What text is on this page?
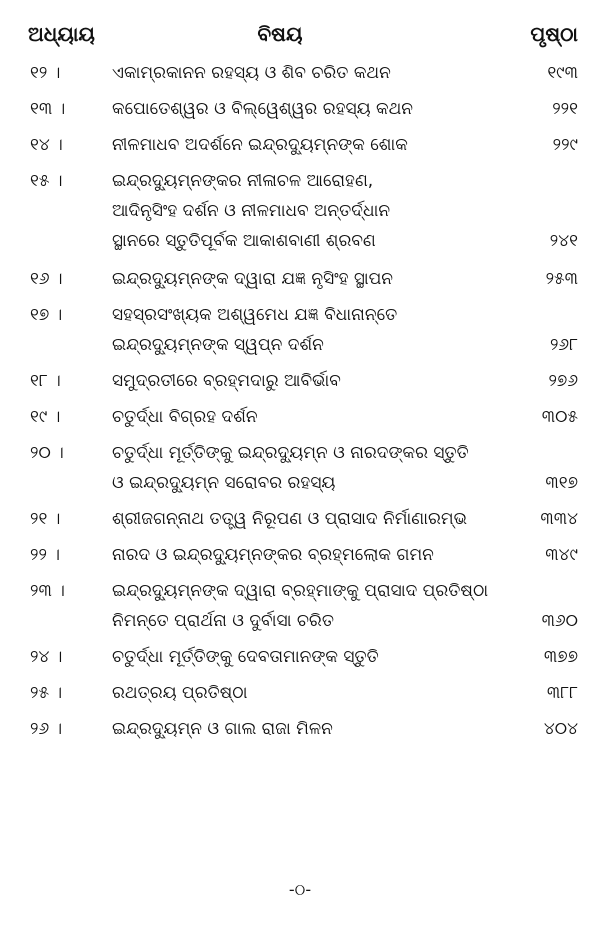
ଅଧ୍ୟାୟ	ବିଷୟ	ପୃଷ୍ଠା
୧୨ ।	ଏକାମ୍ରକାନନ ରହସ୍ୟ ଓ ଶିବ ଚରିତ କଥନ	୧୯୩
୧୩ ।	କପୋତେଶ୍ୱର ଓ ବିଲ୍ୱେଶ୍ୱର ରହସ୍ୟ କଥନ	୨୨୧
୧୪ ।	ନୀଳମାଧବ ଅଦର୍ଶନେ ଇନ୍ଦ୍ରଦ୍ୟୁମ୍ନଙ୍କ ଶୋକ	୨୨୯
୧୫ ।	ଇନ୍ଦ୍ରଦ୍ୟୁମ୍ନଙ୍କର ନୀଳାଚଳ ଆରୋହଣ,
ଆଦିନୃସିଂହ ଦର୍ଶନ ଓ ନୀଳମାଧବ ଅନ୍ତର୍ଦ୍ଧାନ
ସ୍ଥାନରେ ସ୍ତୁତିପୂର୍ବକ ଆକାଶବାଣୀ ଶ୍ରବଣ	୨୪୧
୧୬ ।	ଇନ୍ଦ୍ରଦ୍ୟୁମ୍ନଙ୍କ ଦ୍ୱାରା ଯଜ୍ଞ ନୃସିଂହ ସ୍ଥାପନ	୨୫୩
୧୭ ।	ସହସ୍ରସଂଖ୍ୟକ ଅଶ୍ୱମେଧ ଯଜ୍ଞ ବିଧାନାନ୍ତେ
ଇନ୍ଦ୍ରଦ୍ୟୁମ୍ନଙ୍କ ସ୍ୱପ୍ନ ଦର୍ଶନ	୨୬୮
୧୮ ।	ସମୁଦ୍ରତୀରେ ବ୍ରହ୍ମଦାରୁ ଆବିର୍ଭାବ	୨୭୬
୧୯ ।	ଚତୁର୍ଦ୍ଧା ବିଗ୍ରହ ଦର୍ଶନ	୩୦୫
୨୦ ।	ଚତୁର୍ଦ୍ଧା ମୂର୍ତ୍ତିଙ୍କୁ ଇନ୍ଦ୍ରଦ୍ୟୁମ୍ନ ଓ ନାରଦଙ୍କର ସ୍ତୁତି
ଓ ଇନ୍ଦ୍ରଦ୍ୟୁମ୍ନ ସରୋବର ରହସ୍ୟ	୩୧୭
୨୧ ।	ଶ୍ରୀଜଗନ୍ନାଥ ତତ୍ତ୍ୱ ନିରୂପଣ ଓ ପ୍ରାସାଦ ନିର୍ମାଣାରମ୍ଭ	୩୩୪
୨୨ ।	ନାରଦ ଓ ଇନ୍ଦ୍ରଦ୍ୟୁମ୍ନଙ୍କର ବ୍ରହ୍ମଲୋକ ଗମନ	୩୪୯
୨୩ ।	ଇନ୍ଦ୍ରଦ୍ୟୁମ୍ନଙ୍କ ଦ୍ୱାରା ବ୍ରହ୍ମାଙ୍କୁ ପ୍ରାସାଦ ପ୍ରତିଷ୍ଠା
ନିମନ୍ତେ ପ୍ରାର୍ଥନା ଓ ଦୁର୍ବାସା ଚରିତ	୩୬୦
୨୪ ।	ଚତୁର୍ଦ୍ଧା ମୂର୍ତ୍ତିଙ୍କୁ ଦେବତାମାନଙ୍କ ସ୍ତୁତି	୩୭୭
୨୫ ।	ରଥତ୍ରୟ ପ୍ରତିଷ୍ଠା	୩୮୮
୨୬ ।	ଇନ୍ଦ୍ରଦ୍ୟୁମ୍ନ ଓ ଗାଲ ରାଜା ମିଳନ	୪୦୪
-ଠ-
